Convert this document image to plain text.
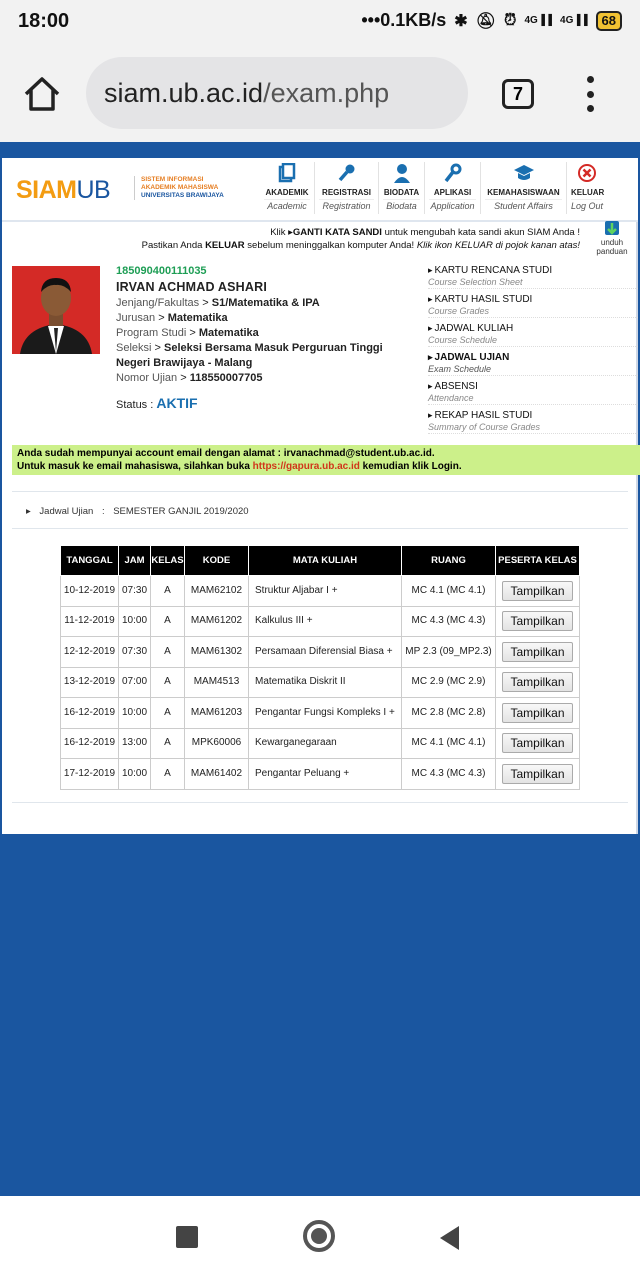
18:00	•••0.1KB/s ✱ 🔕︎ ⏰︎ 4G▐▐ 4G▐▐	68
siam.ub.ac.id/exam.php	7
SIAMUB	SISTEM INFORMASI
AKADEMIK MAHASISWA
UNIVERSITAS BRAWIJAYA	AKADEMIK
Academic
REGISTRASI
Registration
BIODATA
Biodata
APLIKASI
Application
KEMAHASISWAAN
Student Affairs
KELUAR
Log Out
Klik ▸GANTI KATA SANDI untuk mengubah kata sandi akun SIAM Anda !
Pastikan Anda KELUAR sebelum meninggalkan komputer Anda! Klik ikon KELUAR di pojok kanan atas!	unduh
panduan
185090400111035
IRVAN ACHMAD ASHARI
Jenjang/Fakultas > S1/Matematika & IPA
Jurusan > Matematika
Program Studi > Matematika
Seleksi > Seleksi Bersama Masuk Perguruan Tinggi Negeri Brawijaya - Malang
Nomor Ujian > 118550007705
Status : AKTIF
▸ KARTU RENCANA STUDI
Course Selection Sheet
▸ KARTU HASIL STUDI
Course Grades
▸ JADWAL KULIAH
Course Schedule
▸ JADWAL UJIAN
Exam Schedule
▸ ABSENSI
Attendance
▸ REKAP HASIL STUDI
Summary of Course Grades
Anda sudah mempunyai account email dengan alamat : irvanachmad@student.ub.ac.id.
Untuk masuk ke email mahasiswa, silahkan buka https://gapura.ub.ac.id kemudian klik Login.
▸ Jadwal Ujian : SEMESTER GANJIL 2019/2020
TANGGAL	JAM	KELAS	KODE	MATA KULIAH	RUANG	PESERTA KELAS
10-12-2019	07:30	A	MAM62102	Struktur Aljabar I +	MC 4.1 (MC 4.1)	Tampilkan
11-12-2019	10:00	A	MAM61202	Kalkulus III +	MC 4.3 (MC 4.3)	Tampilkan
12-12-2019	07:30	A	MAM61302	Persamaan Diferensial Biasa +	MP 2.3 (09_MP2.3)	Tampilkan
13-12-2019	07:00	A	MAM4513	Matematika Diskrit II	MC 2.9 (MC 2.9)	Tampilkan
16-12-2019	10:00	A	MAM61203	Pengantar Fungsi Kompleks I +	MC 2.8 (MC 2.8)	Tampilkan
16-12-2019	13:00	A	MPK60006	Kewarganegaraan	MC 4.1 (MC 4.1)	Tampilkan
17-12-2019	10:00	A	MAM61402	Pengantar Peluang +	MC 4.3 (MC 4.3)	Tampilkan
